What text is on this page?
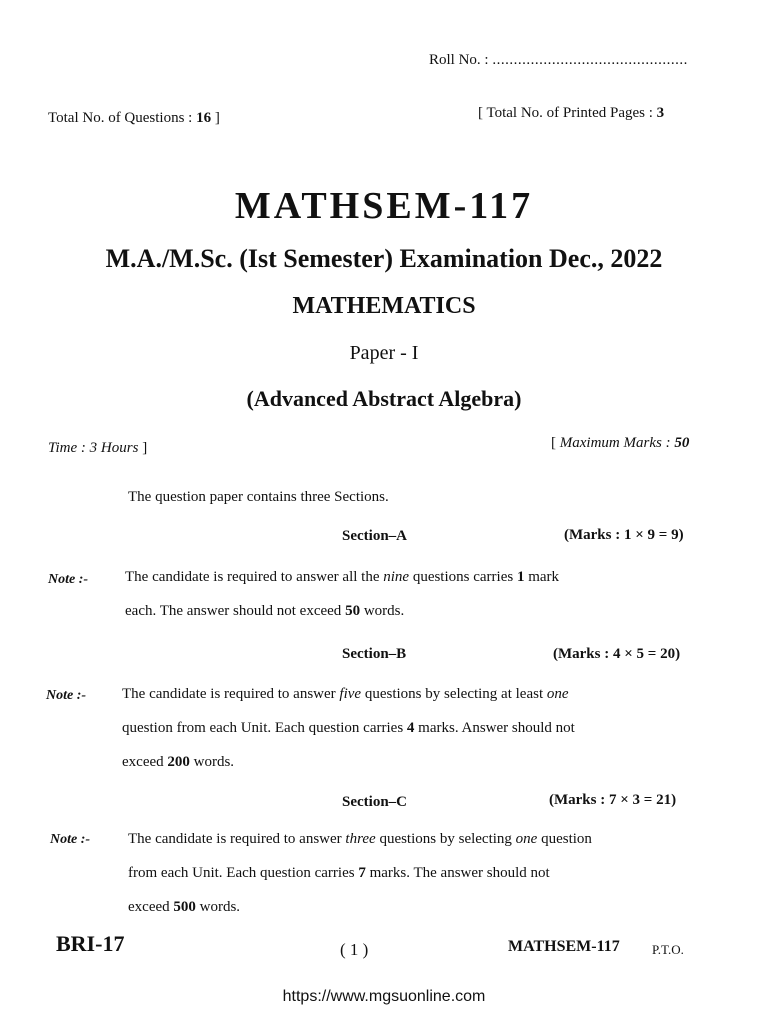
Roll No. : ..............................................
Total No. of Questions : 16 ]	[ Total No. of Printed Pages : 3
MATHSEM-117
M.A./M.Sc. (Ist Semester) Examination Dec., 2022
MATHEMATICS
Paper - I
(Advanced Abstract Algebra)
Time : 3 Hours ]	[ Maximum Marks : 50
The question paper contains three Sections.
Section–A	(Marks : 1 × 9 = 9)
Note :- The candidate is required to answer all the nine questions carries 1 mark
each. The answer should not exceed 50 words.
Section–B	(Marks : 4 × 5 = 20)
Note :- The candidate is required to answer five questions by selecting at least one
question from each Unit. Each question carries 4 marks. Answer should not
exceed 200 words.
Section–C	(Marks : 7 × 3 = 21)
Note :-	The candidate is required to answer three questions by selecting one question
from each Unit. Each question carries 7 marks. The answer should not
exceed 500 words.
BRI-17	( 1 )	MATHSEM-117 P.T.O.
https://www.mgsuonline.com
